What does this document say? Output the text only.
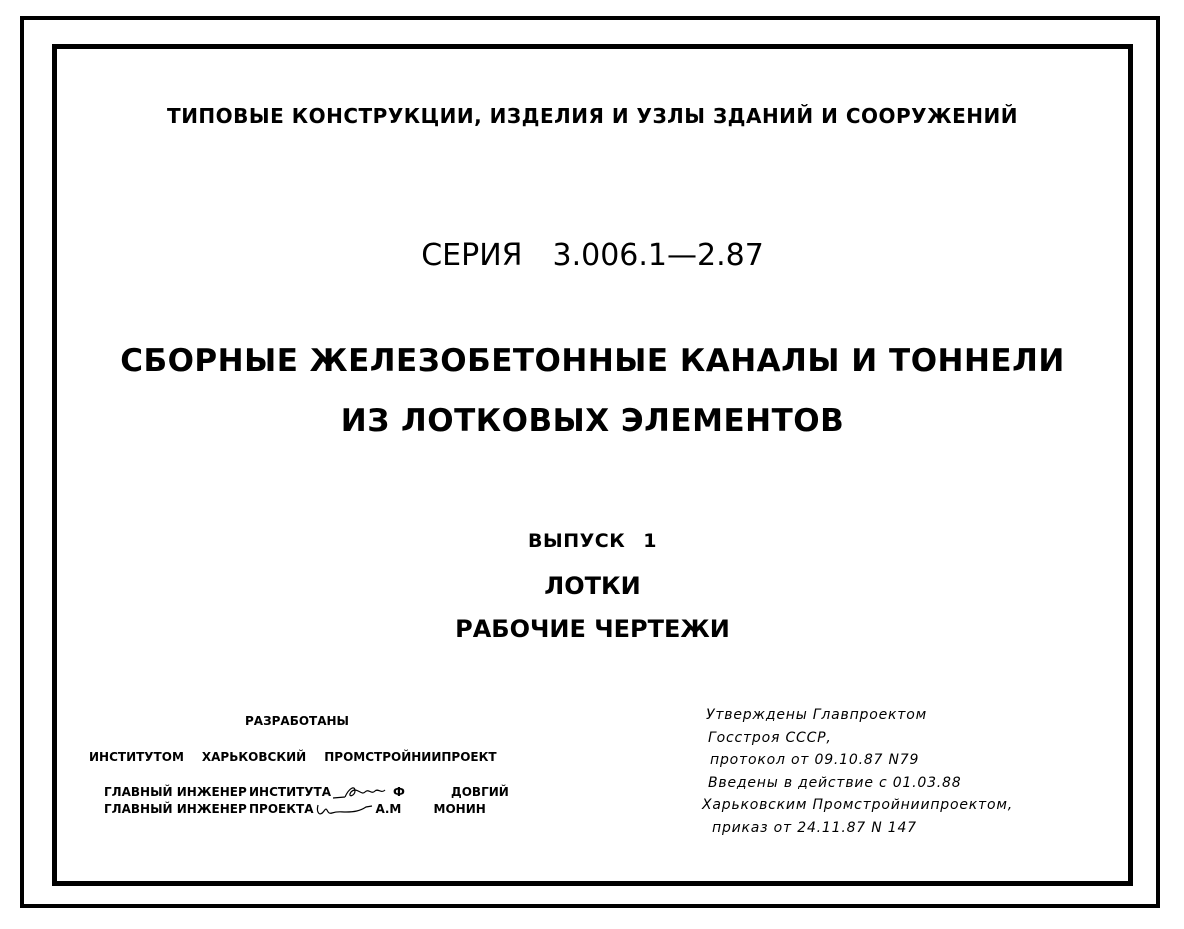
ТИПОВЫЕ КОНСТРУКЦИИ, ИЗДЕЛИЯ И УЗЛЫ ЗДАНИЙ И СООРУЖЕНИЙ
СЕРИЯ 3.006.1—2.87
СБОРНЫЕ ЖЕЛЕЗОБЕТОННЫЕ КАНАЛЫ И ТОННЕЛИ
ИЗ ЛОТКОВЫХ ЭЛЕМЕНТОВ
ВЫПУСК 1
ЛОТКИ
РАБОЧИЕ ЧЕРТЕЖИ
РАЗРАБОТАНЫ
ИНСТИТУТОМ ХАРЬКОВСКИЙ ПРОМСТРОЙНИИПРОЕКТ
ГЛАВНЫЙ ИНЖЕНЕР ИНСТИТУТА	Ф	ДОВГИЙ
ГЛАВНЫЙ ИНЖЕНЕР ПРОЕКТА	А.М	МОНИН
Утверждены Главпроектом
Госстроя СССР,
протокол от 09.10.87 N79
Введены в действие с 01.03.88
Харьковским Промстройниипроектом,
приказ от 24.11.87 N 147
